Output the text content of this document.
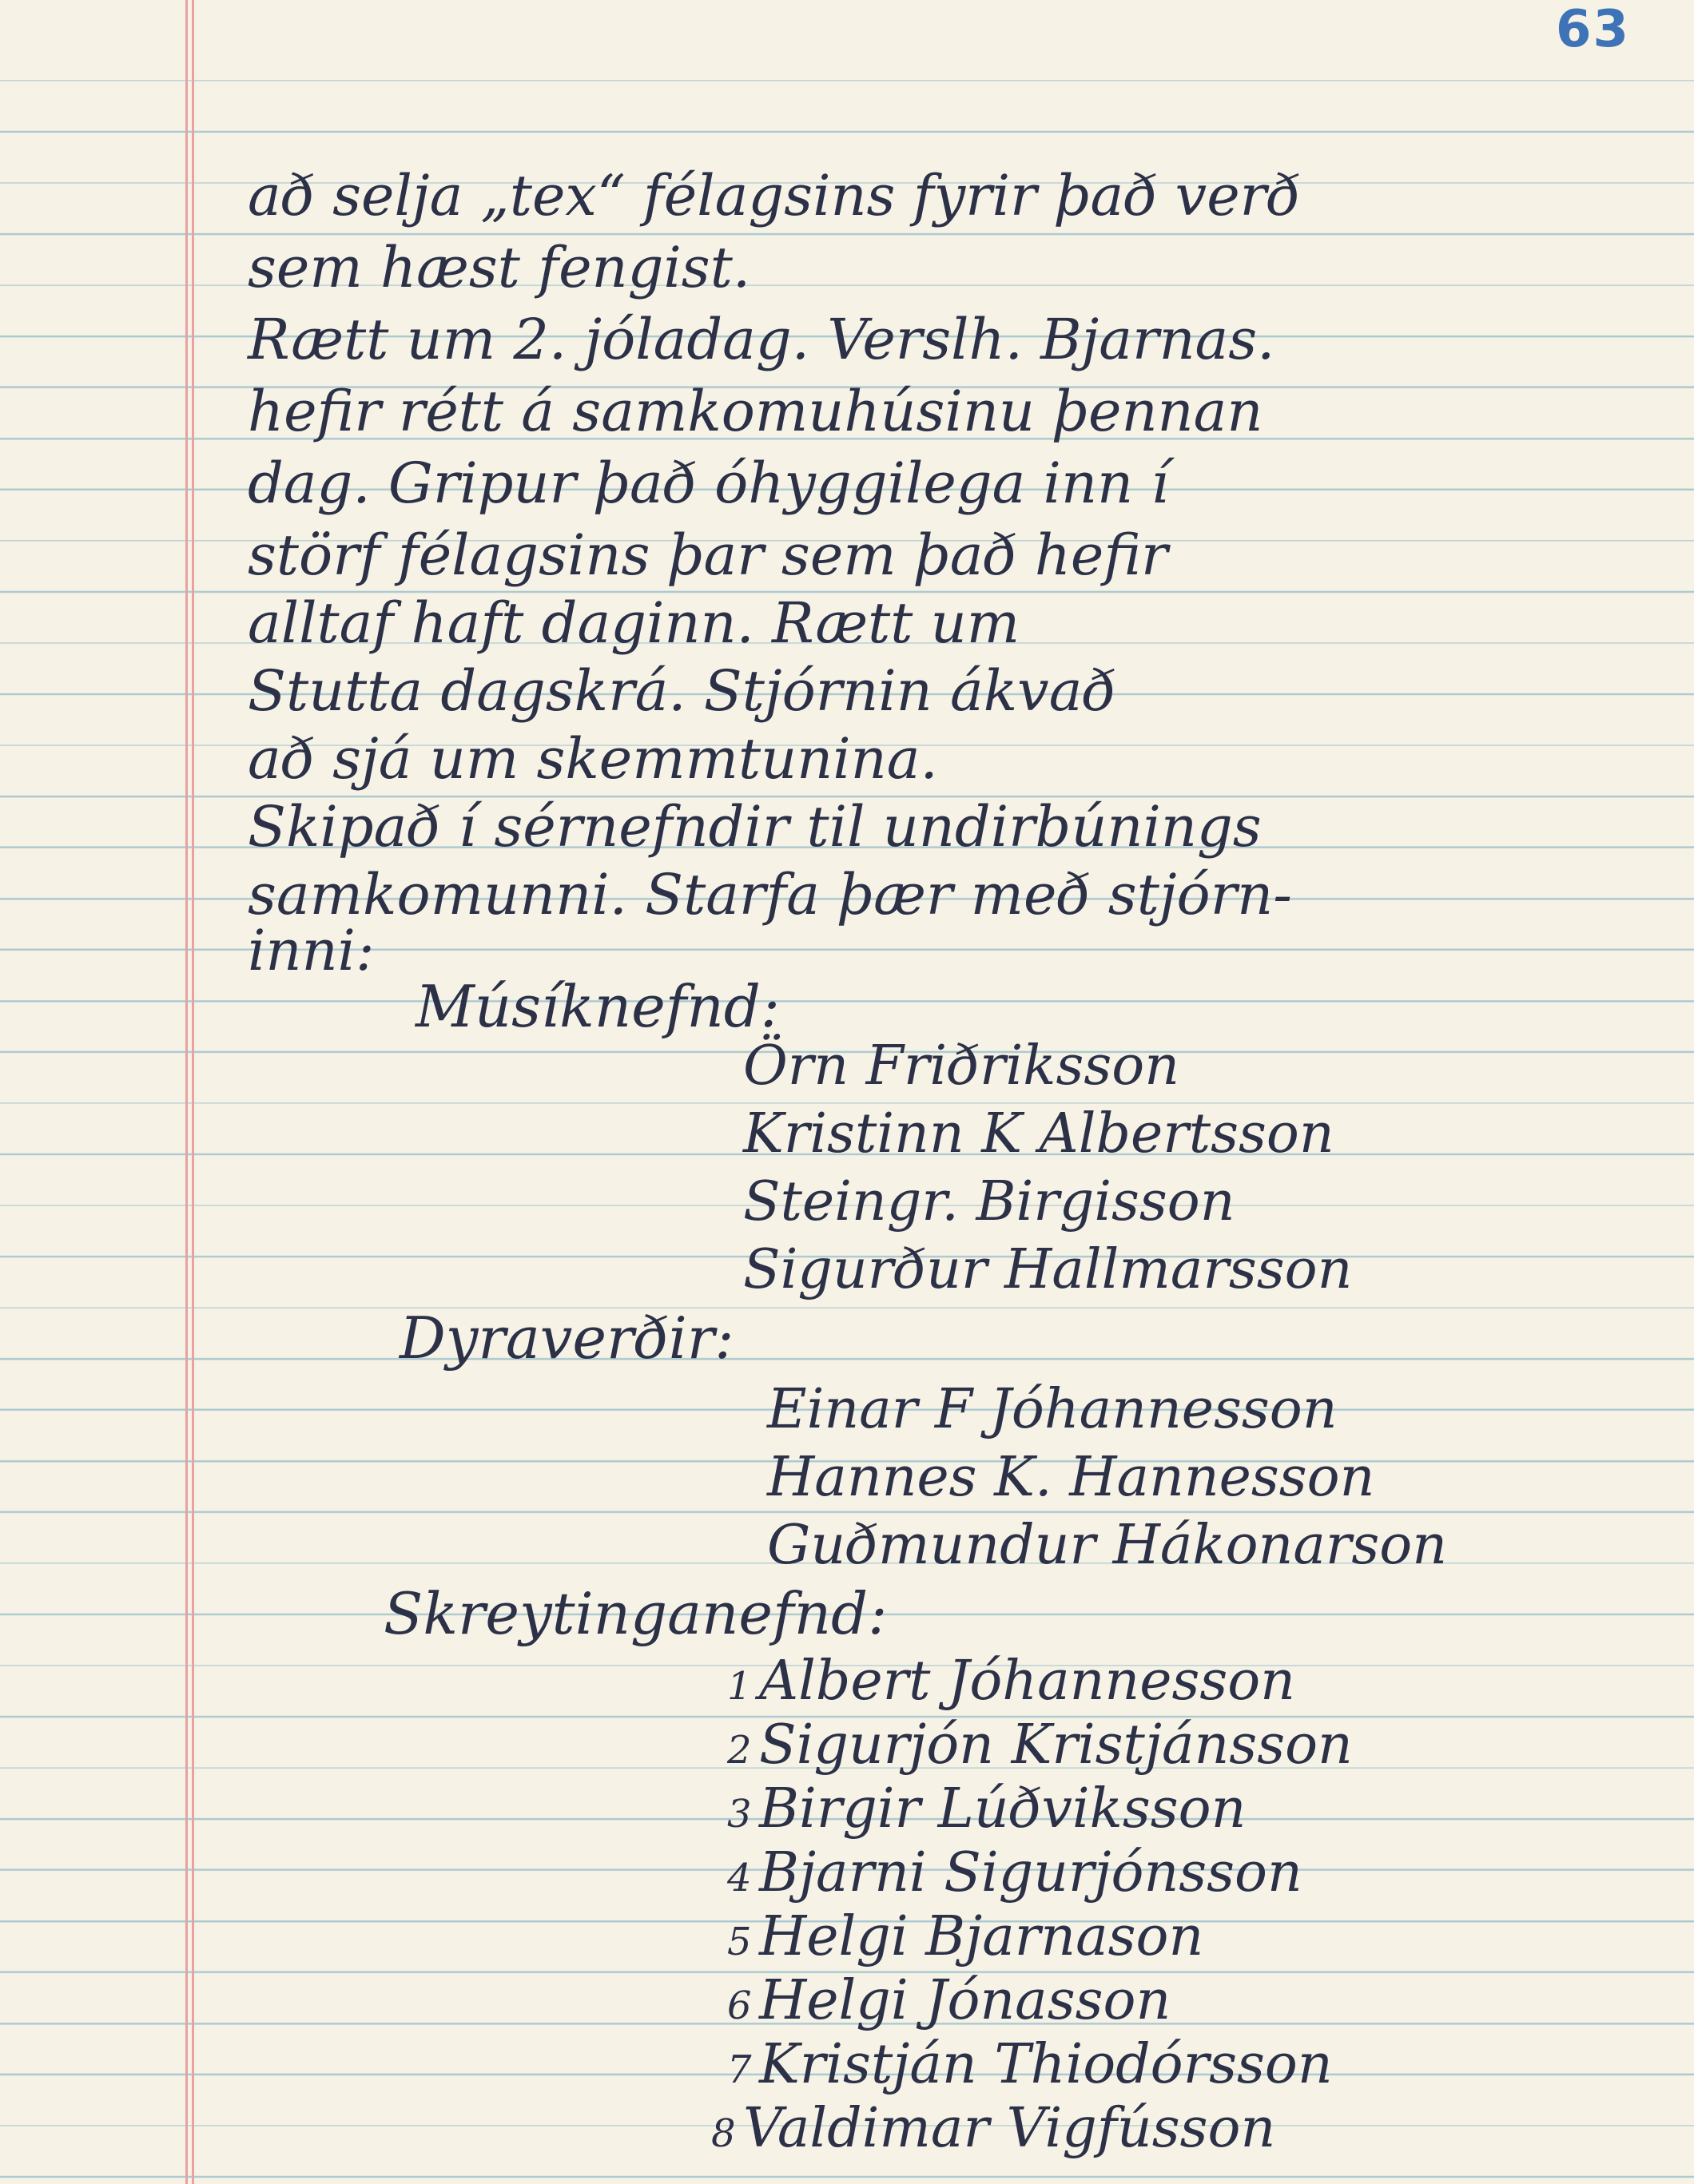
63
að selja „tex“ félagsins fyrir það verð
sem hæst fengist.
Rætt um 2. jóladag. Verslh. Bjarnas.
hefir rétt á samkomuhúsinu þennan
dag. Gripur það óhyggilega inn í
störf félagsins þar sem það hefir
alltaf haft daginn. Rætt um
Stutta dagskrá. Stjórnin ákvað
að sjá um skemmtunina.
Skipað í sérnefndir til undirbúnings
samkomunni. Starfa þær með stjórn-
inni:
Músíknefnd:
Örn Friðriksson
Kristinn K Albertsson
Steingr. Birgisson
Sigurður Hallmarsson
Dyraverðir:
Einar F Jóhannesson
Hannes K. Hannesson
Guðmundur Hákonarson
Skreytinganefnd:
1 Albert Jóhannesson
2 Sigurjón Kristjánsson
3 Birgir Lúðviksson
4 Bjarni Sigurjónsson
5 Helgi Bjarnason
6 Helgi Jónasson
7 Kristján Thiodórsson
8 Valdimar Vigfússon
